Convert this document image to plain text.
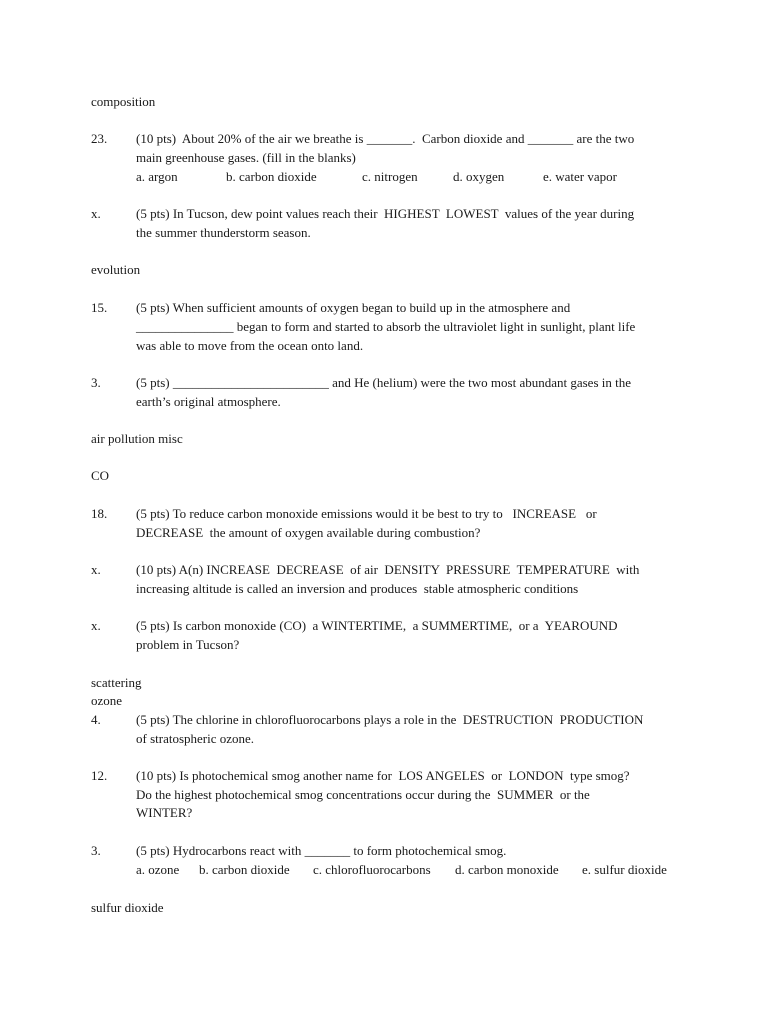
composition
23. (10 pts)  About 20% of the air we breathe is _______.  Carbon dioxide and _______ are the two
main greenhouse gases. (fill in the blanks)

a. argon

	b. carbon dioxide

	c. nitrogen

	d. oxygen

	e. water vapor

x.	(5 pts) In Tucson, dew point values reach their  HIGHEST  LOWEST  values of the year during
the summer thunderstorm season.
evolution
15. (5 pts) When sufficient amounts of oxygen began to build up in the atmosphere and
_______________ began to form and started to absorb the ultraviolet light in sunlight, plant life
was able to move from the ocean onto land.
3.	(5 pts) ________________________ and He (helium) were the two most abundant gases in the
earth’s original atmosphere.
air pollution misc
CO
18. (5 pts) To reduce carbon monoxide emissions would it be best to try to   INCREASE   or
DECREASE  the amount of oxygen available during combustion?
x.	(10 pts) A(n) INCREASE  DECREASE  of air  DENSITY  PRESSURE  TEMPERATURE  with
increasing altitude is called an inversion and produces  stable atmospheric conditions
x.	(5 pts) Is carbon monoxide (CO)  a WINTERTIME,  a SUMMERTIME,  or a  YEAROUND
problem in Tucson?
scattering
ozone
4.	(5 pts) The chlorine in chlorofluorocarbons plays a role in the  DESTRUCTION  PRODUCTION
of stratospheric ozone.
12. (10 pts) Is photochemical smog another name for  LOS ANGELES  or  LONDON  type smog?
Do the highest photochemical smog concentrations occur during the  SUMMER  or the
WINTER?
3.	(5 pts) Hydrocarbons react with _______ to form photochemical smog.

a. ozone

b. carbon dioxide

c. chlorofluorocarbons

d. carbon monoxide

e. sulfur dioxide

sulfur dioxide
